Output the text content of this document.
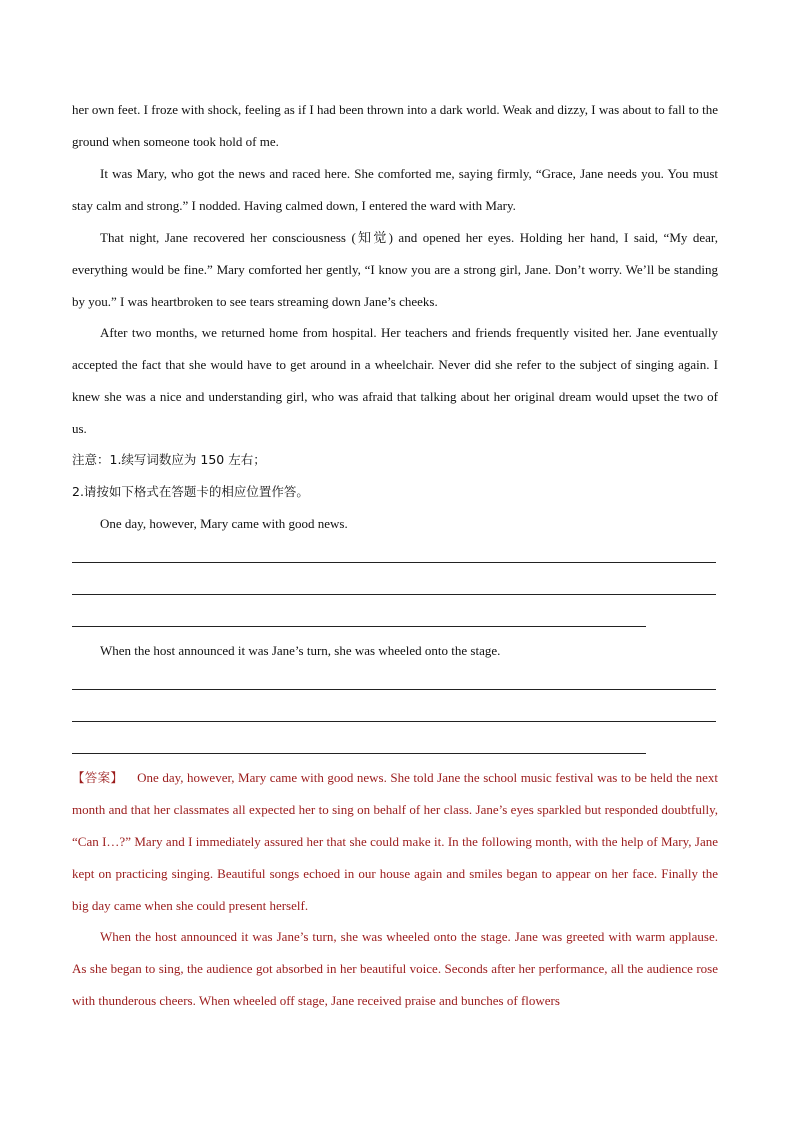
her own feet. I froze with shock, feeling as if I had been thrown into a dark world. Weak and dizzy, I was about to fall to the ground when someone took hold of me.

It was Mary, who got the news and raced here. She comforted me, saying firmly, “Grace, Jane needs you. You must stay calm and strong.” I nodded. Having calmed down, I entered the ward with Mary.

That night, Jane recovered her consciousness (知觉) and opened her eyes. Holding her hand, I said, “My dear, everything would be fine.” Mary comforted her gently, “I know you are a strong girl, Jane. Don’t worry. We’ll be standing by you.” I was heartbroken to see tears streaming down Jane’s cheeks.

After two months, we returned home from hospital. Her teachers and friends frequently visited her. Jane eventually accepted the fact that she would have to get around in a wheelchair. Never did she refer to the subject of singing again. I knew she was a nice and understanding girl, who was afraid that talking about her original dream would upset the two of us.

注意：1.续写词数应为 150 左右；

2.请按如下格式在答题卡的相应位置作答。

One day, however, Mary came with good news.

When the host announced it was Jane’s turn, she was wheeled onto the stage.

【答案】 One day, however, Mary came with good news. She told Jane the school music festival was to be held the next month and that her classmates all expected her to sing on behalf of her class. Jane’s eyes sparkled but responded doubtfully, “Can I…?” Mary and I immediately assured her that she could make it. In the following month, with the help of Mary, Jane kept on practicing singing. Beautiful songs echoed in our house again and smiles began to appear on her face. Finally the big day came when she could present herself.

When the host announced it was Jane’s turn, she was wheeled onto the stage. Jane was greeted with warm applause. As she began to sing, the audience got absorbed in her beautiful voice. Seconds after her performance, all the audience rose with thunderous cheers. When wheeled off stage, Jane received praise and bunches of flowers
